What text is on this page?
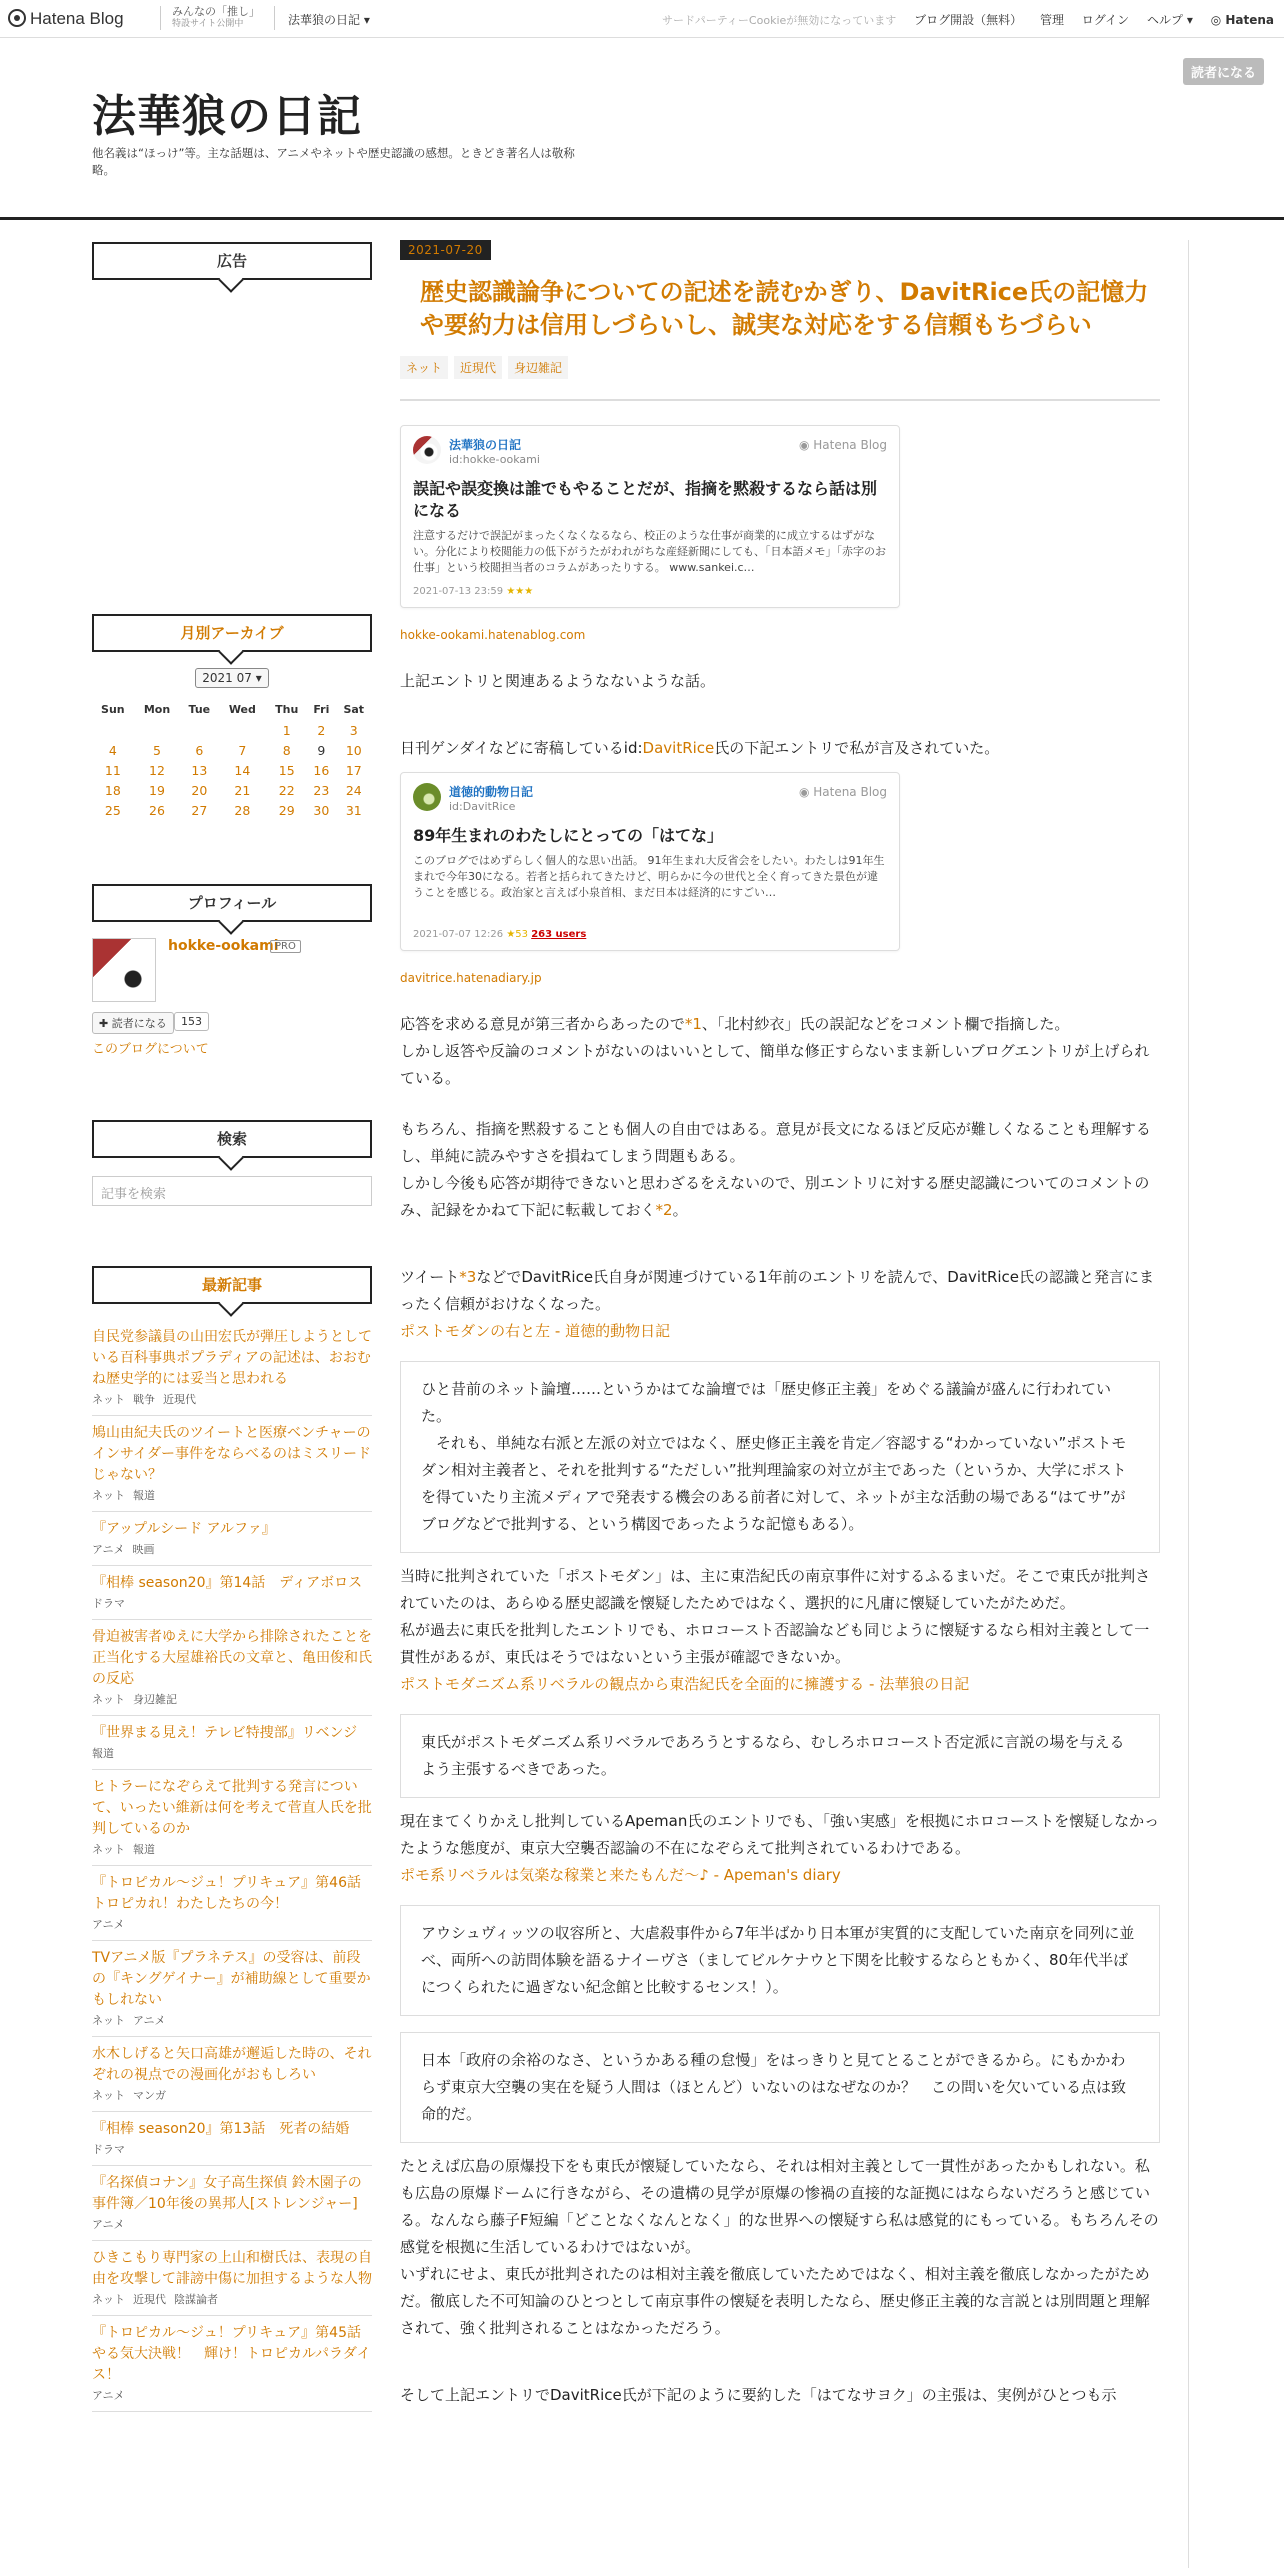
Hatena Blog	みんなの「推し」
特設サイト公開中	法華狼の日記 ▾	サードパーティーCookieが無効になっています ブログ開設（無料） 管理 ログイン ヘルプ ▾ ◎ Hatena
法華狼の日記
他名義は“ほっけ”等。主な話題は、アニメやネットや歴史認識の感想。ときどき著名人は敬称略。
読者になる
広告
月別アーカイブ
2021 07 ▾
Sun	Mon	Tue	Wed	Thu	Fri	Sat
				1	2	3
4	5	6	7	8	9	10
11	12	13	14	15	16	17
18	19	20	21	22	23	24
25	26	27	28	29	30	31
プロフィール
hokke-ookami
PRO
✚ 読者になる	153
このブログについて
検索
記事を検索
最新記事
自民党参議員の山田宏氏が弾圧しようとしている百科事典ポプラディアの記述は、おおむね歴史学的には妥当と思われる
ネット 戦争 近現代
鳩山由紀夫氏のツイートと医療ベンチャーのインサイダー事件をならべるのはミスリードじゃない？
ネット 報道
『アップルシード アルファ』
アニメ 映画
『相棒 season20』第14話　ディアボロス
ドラマ
骨迫被害者ゆえに大学から排除されたことを正当化する大屋雄裕氏の文章と、亀田俊和氏の反応
ネット 身辺雑記
『世界まる見え！テレビ特捜部』リベンジ
報道
ヒトラーになぞらえて批判する発言について、いったい維新は何を考えて菅直人氏を批判しているのか
ネット 報道
『トロピカル～ジュ！プリキュア』第46話　トロピカれ！わたしたちの今！
アニメ
TVアニメ版『プラネテス』の受容は、前段の『キングゲイナー』が補助線として重要かもしれない
ネット アニメ
水木しげると矢口高雄が邂逅した時の、それぞれの視点での漫画化がおもしろい
ネット マンガ
『相棒 season20』第13話　死者の結婚
ドラマ
『名探偵コナン』女子高生探偵 鈴木園子の事件簿／10年後の異邦人[ストレンジャー]
アニメ
ひきこもり専門家の上山和樹氏は、表現の自由を攻撃して誹謗中傷に加担するような人物
ネット 近現代 陰謀論者
『トロピカル～ジュ！プリキュア』第45話　やる気大決戦！　輝け！トロピカルパラダイス！
アニメ
2021-07-20
歴史認識論争についての記述を読むかぎり、DavitRice氏の記憶力や要約力は信用しづらいし、誠実な対応をする信頼もちづらい
ネット 近現代 身辺雑記
法華狼の日記
id:hokke-ookami
◉ Hatena Blog
誤記や誤変換は誰でもやることだが、指摘を黙殺するなら話は別になる
注意するだけで誤記がまったくなくなるなら、校正のような仕事が商業的に成立するはずがない。分化により校閲能力の低下がうたがわれがちな産経新聞にしても、「日本語メモ」「赤字のお仕事」という校閲担当者のコラムがあったりする。 www.sankei.c…
2021-07-13 23:59 ★★★
hokke-ookami.hatenablog.com
上記エントリと関連あるようなないような話。
日刊ゲンダイなどに寄稿しているid:DavitRice氏の下記エントリで私が言及されていた。
道徳的動物日記
id:DavitRice
◉ Hatena Blog
89年生まれのわたしにとっての「はてな」
このブログではめずらしく個人的な思い出話。 91年生まれ大反省会をしたい。わたしは91年生まれで今年30になる。若者と括られてきたけど、明らかに今の世代と全く育ってきた景色が違うことを感じる。政治家と言えば小泉首相、まだ日本は経済的にすごい…
2021-07-07 12:26 ★53 263 users
davitrice.hatenadiary.jp
応答を求める意見が第三者からあったので*1、「北村紗衣」氏の誤記などをコメント欄で指摘した。
しかし返答や反論のコメントがないのはいいとして、簡単な修正すらないまま新しいブログエントリが上げられている。
もちろん、指摘を黙殺することも個人の自由ではある。意見が長文になるほど反応が難しくなることも理解するし、単純に読みやすさを損ねてしまう問題もある。
しかし今後も応答が期待できないと思わざるをえないので、別エントリに対する歴史認識についてのコメントのみ、記録をかねて下記に転載しておく*2。
ツイート*3などでDavitRice氏自身が関連づけている1年前のエントリを読んで、DavitRice氏の認識と発言にまったく信頼がおけなくなった。
ポストモダンの右と左 - 道徳的動物日記
ひと昔前のネット論壇……というかはてな論壇では「歴史修正主義」をめぐる議論が盛んに行われていた。
　それも、単純な右派と左派の対立ではなく、歴史修正主義を肯定／容認する“わかっていない”ポストモダン相対主義者と、それを批判する“ただしい”批判理論家の対立が主であった（というか、大学にポストを得ていたり主流メディアで発表する機会のある前者に対して、ネットが主な活動の場である“はてサ”がブログなどで批判する、という構図であったような記憶もある）。
当時に批判されていた「ポストモダン」は、主に東浩紀氏の南京事件に対するふるまいだ。そこで東氏が批判されていたのは、あらゆる歴史認識を懐疑したためではなく、選択的に凡庸に懐疑していたがためだ。
私が過去に東氏を批判したエントリでも、ホロコースト否認論なども同じように懐疑するなら相対主義として一貫性があるが、東氏はそうではないという主張が確認できないか。
ポストモダニズム系リベラルの観点から東浩紀氏を全面的に擁護する - 法華狼の日記
東氏がポストモダニズム系リベラルであろうとするなら、むしろホロコースト否定派に言説の場を与えるよう主張するべきであった。
現在まてくりかえし批判しているApeman氏のエントリでも、「強い実感」を根拠にホロコーストを懐疑しなかったような態度が、東京大空襲否認論の不在になぞらえて批判されているわけである。
ポモ系リベラルは気楽な稼業と来たもんだ〜♪ - Apeman's diary
アウシュヴィッツの収容所と、大虐殺事件から7年半ばかり日本軍が実質的に支配していた南京を同列に並べ、両所への訪問体験を語るナイーヴさ（ましてビルケナウと下関を比較するならともかく、80年代半ばにつくられたに過ぎない紀念館と比較するセンス！）。
日本「政府の余裕のなさ、というかある種の怠慢」をはっきりと見てとることができるから。にもかかわらず東京大空襲の実在を疑う人間は（ほとんど）いないのはなぜなのか？　この問いを欠いている点は致命的だ。
たとえば広島の原爆投下をも東氏が懐疑していたなら、それは相対主義として一貫性があったかもしれない。私も広島の原爆ドームに行きながら、その遺構の見学が原爆の惨禍の直接的な証拠にはならないだろうと感じている。なんなら藤子F短編「どことなくなんとなく」的な世界への懐疑すら私は感覚的にもっている。もちろんその感覚を根拠に生活しているわけではないが。
いずれにせよ、東氏が批判されたのは相対主義を徹底していたためではなく、相対主義を徹底しなかったがためだ。徹底した不可知論のひとつとして南京事件の懐疑を表明したなら、歴史修正主義的な言説とは別問題と理解されて、強く批判されることはなかっただろう。
そして上記エントリでDavitRice氏が下記のように要約した「はてなサヨク」の主張は、実例がひとつも示
